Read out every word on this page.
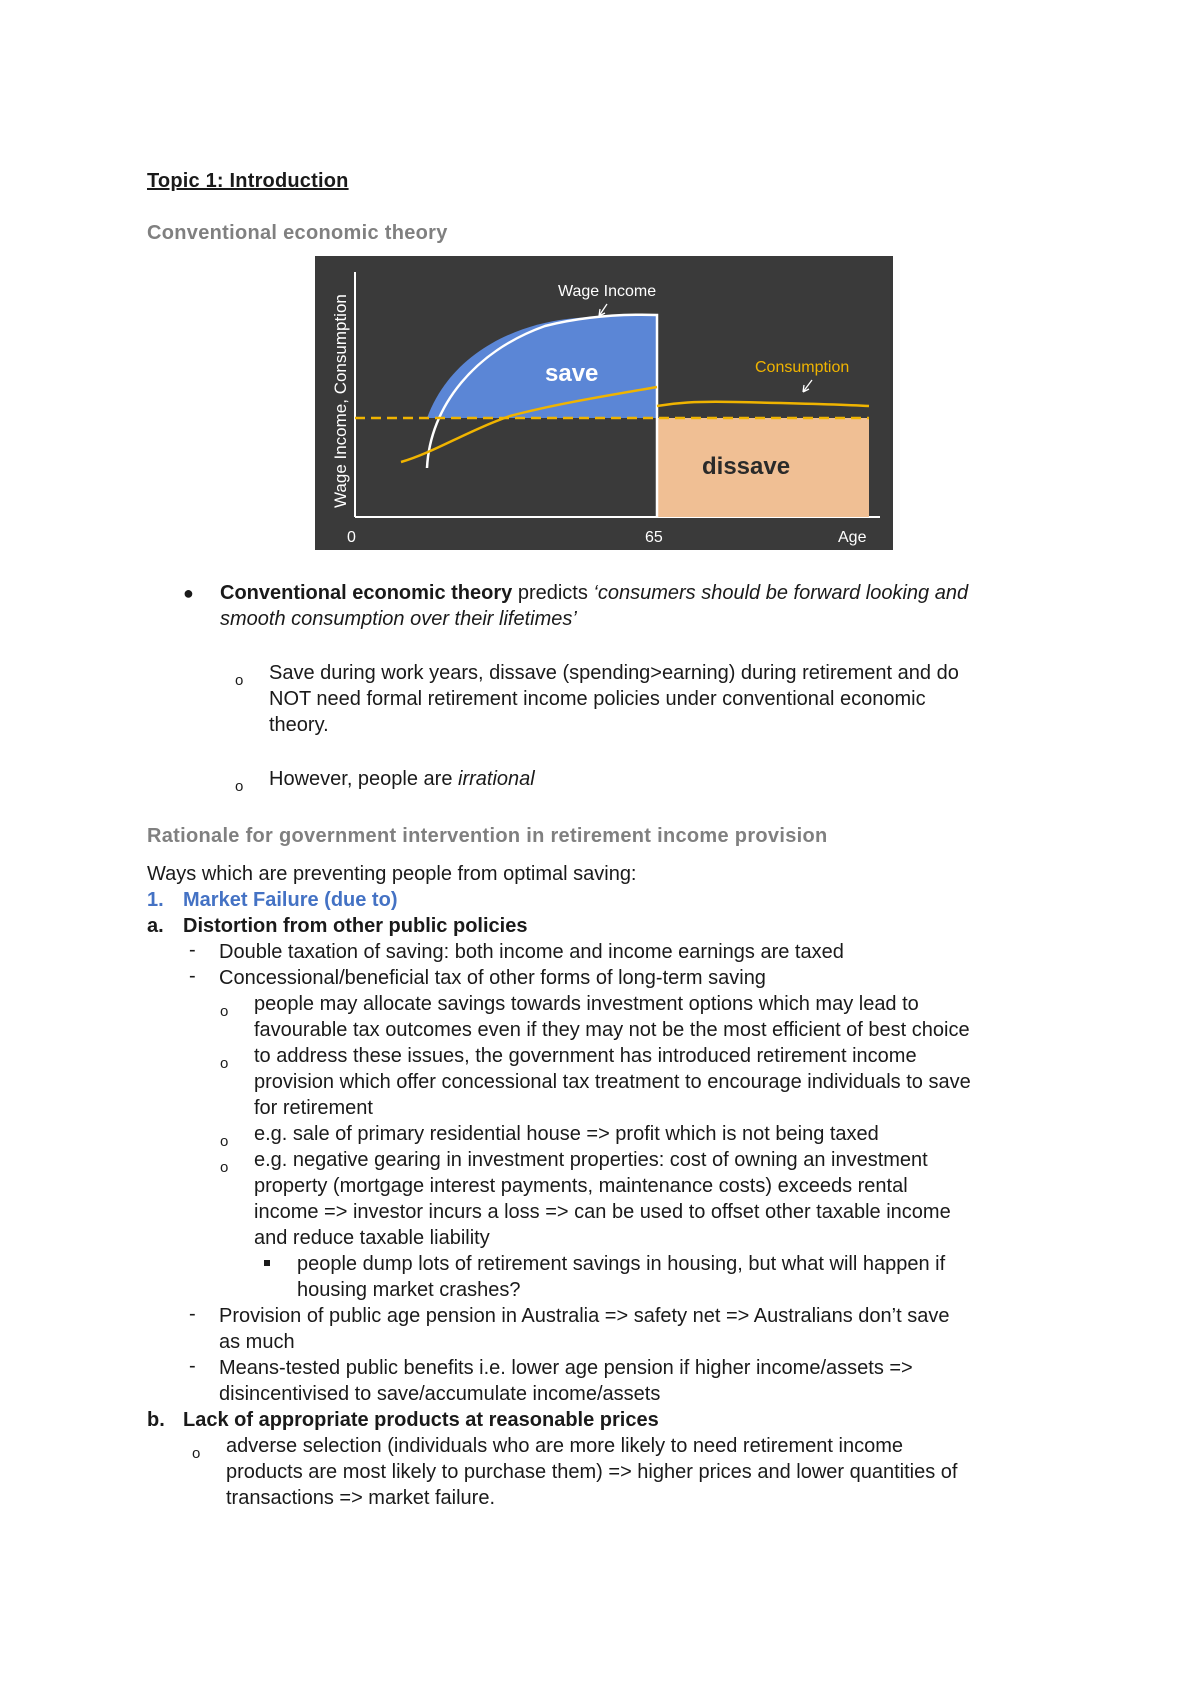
Topic 1: Introduction
Conventional economic theory
Wage Income
Consumption
save
dissave
Wage Income, Consumption
0	65	Age
● Conventional economic theory predicts ‘consumers should be forward looking and
smooth consumption over their lifetimes’
o Save during work years, dissave (spending>earning) during retirement and do
NOT need formal retirement income policies under conventional economic
theory.
o However, people are irrational
Rationale for government intervention in retirement income provision
Ways which are preventing people from optimal saving:
1. Market Failure (due to)
a. Distortion from other public policies
- Double taxation of saving: both income and income earnings are taxed
- Concessional/beneficial tax of other forms of long-term saving
o people may allocate savings towards investment options which may lead to
favourable tax outcomes even if they may not be the most efficient of best choice
o to address these issues, the government has introduced retirement income
provision which offer concessional tax treatment to encourage individuals to save
for retirement
o e.g. sale of primary residential house => profit which is not being taxed
o e.g. negative gearing in investment properties: cost of owning an investment
property (mortgage interest payments, maintenance costs) exceeds rental
income => investor incurs a loss => can be used to offset other taxable income
and reduce taxable liability
people dump lots of retirement savings in housing, but what will happen if
housing market crashes?
- Provision of public age pension in Australia => safety net => Australians don’t save
as much
- Means-tested public benefits i.e. lower age pension if higher income/assets =>
disincentivised to save/accumulate income/assets
b. Lack of appropriate products at reasonable prices
o adverse selection (individuals who are more likely to need retirement income
products are most likely to purchase them) => higher prices and lower quantities of
transactions => market failure.
